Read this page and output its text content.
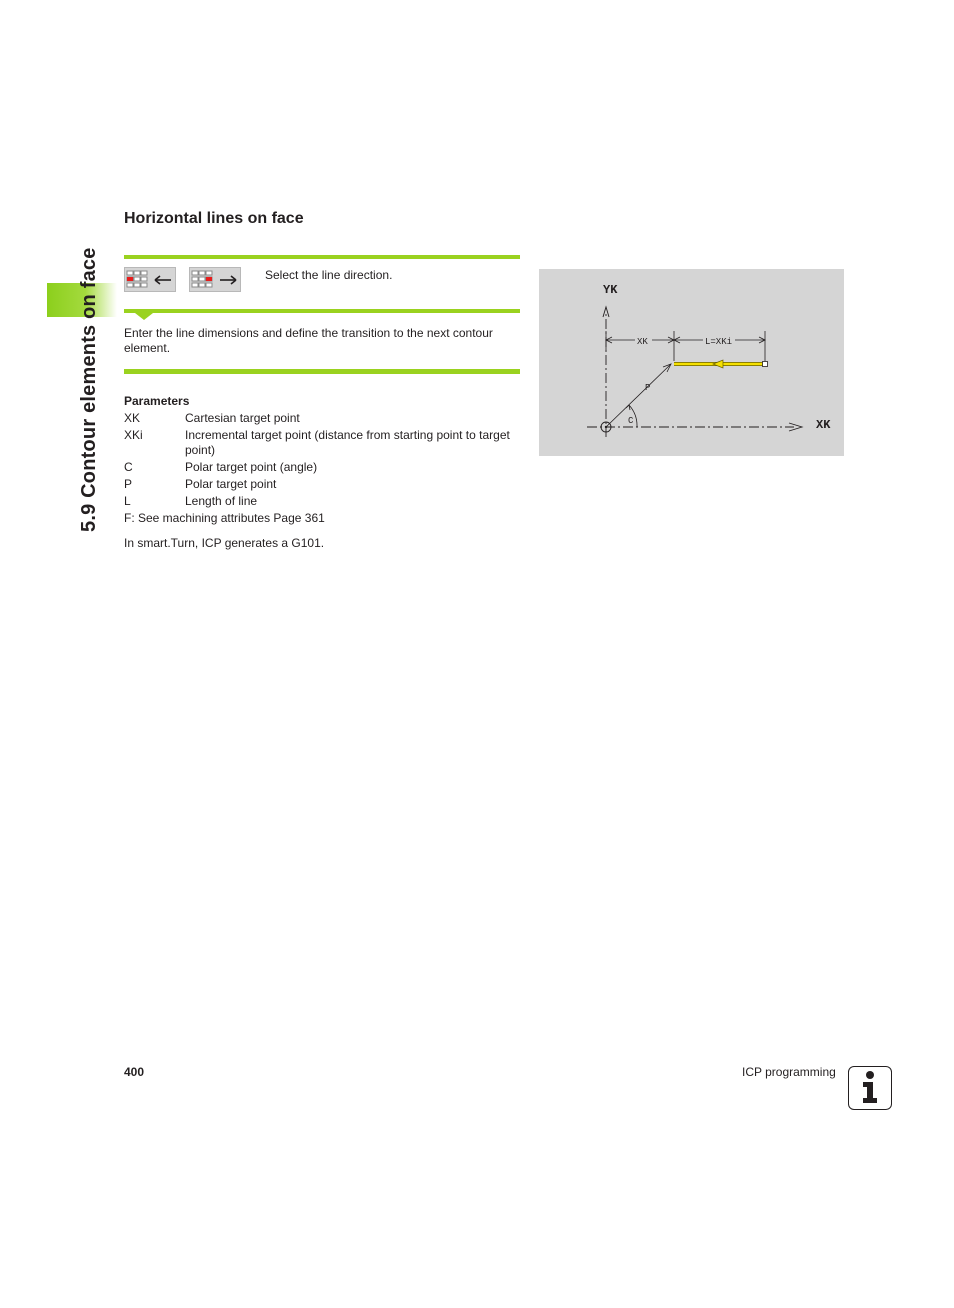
5.9 Contour elements on face
Horizontal lines on face
Select the line direction.
Enter the line dimensions and define the transition to the next contour element.
Parameters
XK	Cartesian target point
XKi	Incremental target point (distance from starting point to target point)
C	Polar target point (angle)
P	Polar target point
L	Length of line
F: See machining attributes Page 361
In smart.Turn, ICP generates a G101.
YK
XK
XK	L=XKi
P
C
400	ICP programming
